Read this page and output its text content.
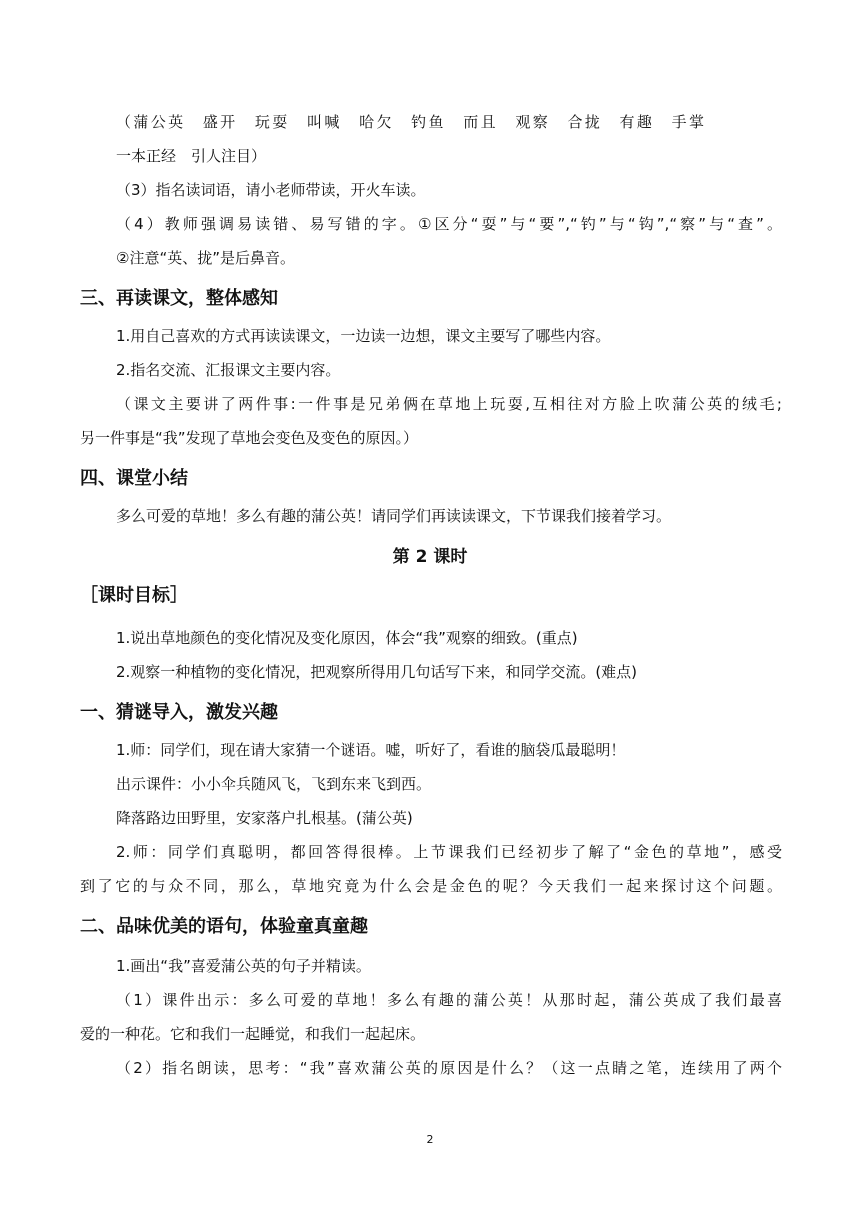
（蒲公英　盛开　玩耍　叫喊　哈欠　钓鱼　而且　观察　合拢　有趣　手掌
一本正经　引人注目）
（3）指名读词语，请小老师带读，开火车读。
（4）教师强调易读错、易写错的字。①区分“耍”与“要”,“钓”与“钩”,“察”与“查”。
②注意“英、拢”是后鼻音。
三、再读课文，整体感知
1.用自己喜欢的方式再读读课文，一边读一边想，课文主要写了哪些内容。
2.指名交流、汇报课文主要内容。
（课文主要讲了两件事:一件事是兄弟俩在草地上玩耍,互相往对方脸上吹蒲公英的绒毛;
另一件事是“我”发现了草地会变色及变色的原因。）
四、课堂小结
多么可爱的草地！多么有趣的蒲公英！请同学们再读读课文，下节课我们接着学习。
第 2 课时
［课时目标］
1.说出草地颜色的变化情况及变化原因，体会“我”观察的细致。(重点)
2.观察一种植物的变化情况，把观察所得用几句话写下来，和同学交流。(难点)
一、猜谜导入，激发兴趣
1.师：同学们，现在请大家猜一个谜语。嘘，听好了，看谁的脑袋瓜最聪明！
出示课件：小小伞兵随风飞，飞到东来飞到西。
降落路边田野里，安家落户扎根基。(蒲公英)
2.师：同学们真聪明，都回答得很棒。上节课我们已经初步了解了“金色的草地”，感受
到了它的与众不同，那么，草地究竟为什么会是金色的呢？今天我们一起来探讨这个问题。
二、品味优美的语句，体验童真童趣
1.画出“我”喜爱蒲公英的句子并精读。
（1）课件出示：多么可爱的草地！多么有趣的蒲公英！从那时起，蒲公英成了我们最喜
爱的一种花。它和我们一起睡觉，和我们一起起床。
（2）指名朗读，思考：“我”喜欢蒲公英的原因是什么？（这一点睛之笔，连续用了两个
2
